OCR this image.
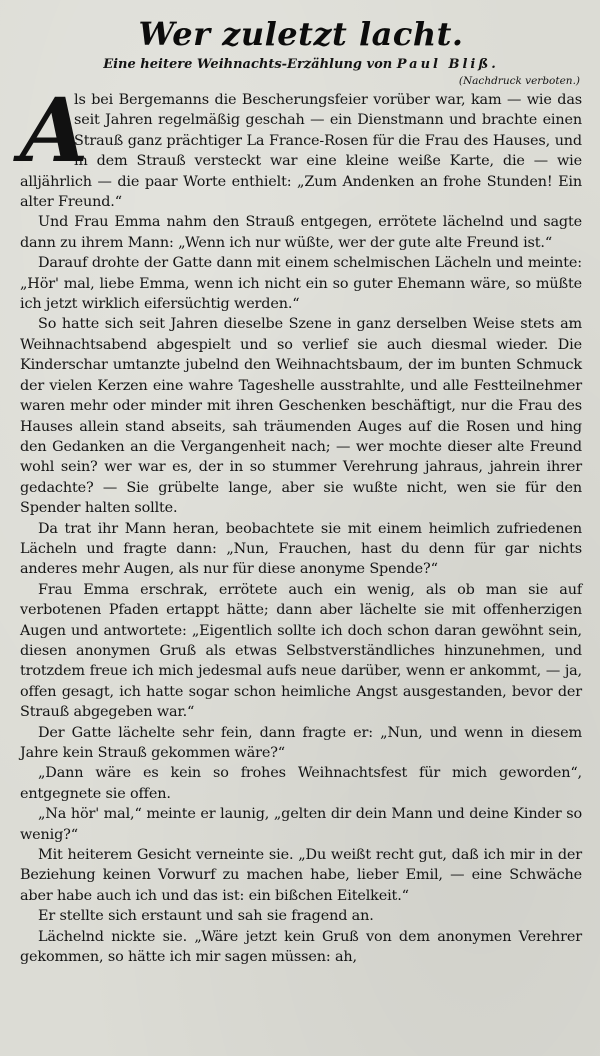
Wer zuletzt lacht.
Eine heitere Weihnachts-Erzählung von Paul Bliß.
(Nachdruck verboten.)

A
ls bei Bergemanns die Bescherungsfeier vorüber war, kam — wie das seit Jahren regelmäßig geschah — ein Dienstmann und brachte einen Strauß ganz prächtiger La France-Rosen für die Frau des Hauses, und in dem Strauß versteckt war eine kleine weiße Karte, die — wie alljährlich — die paar Worte enthielt: „Zum Andenken an frohe Stunden! Ein alter Freund.“

Und Frau Emma nahm den Strauß entgegen, errötete lächelnd und sagte dann zu ihrem Mann: „Wenn ich nur wüßte, wer der gute alte Freund ist.“

Darauf drohte der Gatte dann mit einem schelmischen Lächeln und meinte: „Hör' mal, liebe Emma, wenn ich nicht ein so guter Ehemann wäre, so müßte ich jetzt wirklich eifersüchtig werden.“

So hatte sich seit Jahren dieselbe Szene in ganz derselben Weise stets am Weihnachtsabend abgespielt und so verlief sie auch diesmal wieder. Die Kinderschar umtanzte jubelnd den Weihnachtsbaum, der im bunten Schmuck der vielen Kerzen eine wahre Tageshelle ausstrahlte, und alle Festteilnehmer waren mehr oder minder mit ihren Geschenken beschäftigt, nur die Frau des Hauses allein stand abseits, sah träumenden Auges auf die Rosen und hing den Gedanken an die Vergangenheit nach; — wer mochte dieser alte Freund wohl sein? wer war es, der in so stummer Verehrung jahraus, jahrein ihrer gedachte? — Sie grübelte lange, aber sie wußte nicht, wen sie für den Spender halten sollte.

Da trat ihr Mann heran, beobachtete sie mit einem heimlich zufriedenen Lächeln und fragte dann: „Nun, Frauchen, hast du denn für gar nichts anderes mehr Augen, als nur für diese anonyme Spende?“

Frau Emma erschrak, errötete auch ein wenig, als ob man sie auf verbotenen Pfaden ertappt hätte; dann aber lächelte sie mit offenherzigen Augen und antwortete: „Eigentlich sollte ich doch schon daran gewöhnt sein, diesen anonymen Gruß als etwas Selbstverständliches hinzunehmen, und trotzdem freue ich mich jedesmal aufs neue darüber, wenn er ankommt, — ja, offen gesagt, ich hatte sogar schon heimliche Angst ausgestanden, bevor der Strauß abgegeben war.“

Der Gatte lächelte sehr fein, dann fragte er: „Nun, und wenn in diesem Jahre kein Strauß gekommen wäre?“

„Dann wäre es kein so frohes Weihnachtsfest für mich geworden“, entgegnete sie offen.

„Na hör' mal,“ meinte er launig, „gelten dir dein Mann und deine Kinder so wenig?“

Mit heiterem Gesicht verneinte sie. „Du weißt recht gut, daß ich mir in der Beziehung keinen Vorwurf zu machen habe, lieber Emil, — eine Schwäche aber habe auch ich und das ist: ein bißchen Eitelkeit.“

Er stellte sich erstaunt und sah sie fragend an.

Lächelnd nickte sie. „Wäre jetzt kein Gruß von dem anonymen Verehrer gekommen, so hätte ich mir sagen müssen: ah,
